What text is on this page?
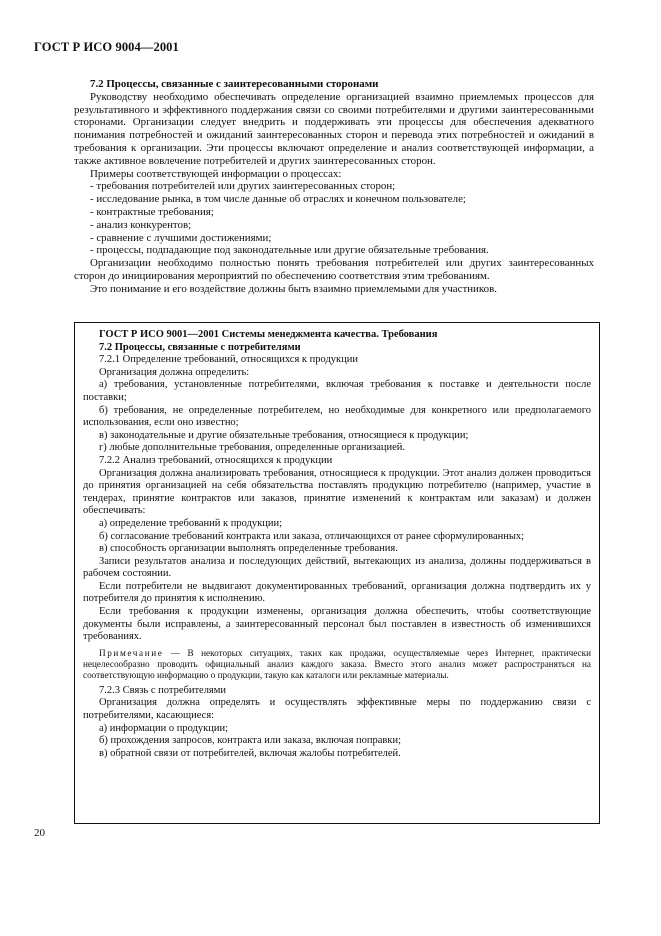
ГОСТ Р ИСО 9004—2001

7.2 Процессы, связанные с заинтересованными сторонами

Руководству необходимо обеспечивать определение организацией взаимно приемлемых процессов для результативного и эффективного поддержания связи со своими потребителями и другими заинтересованными сторонами. Организации следует внедрить и поддерживать эти процессы для обеспечения адекватного понимания потребностей и ожиданий заинтересованных сторон и перевода этих потребностей и ожиданий в требования к организации. Эти процессы включают определение и анализ соответствующей информации, а также активное вовлечение потребителей и других заинтересованных сторон.

Примеры соответствующей информации о процессах:

- требования потребителей или других заинтересованных сторон;

- исследование рынка, в том числе данные об отраслях и конечном пользователе;

- контрактные требования;

- анализ конкурентов;

- сравнение с лучшими достижениями;

- процессы, подпадающие под законодательные или другие обязательные требования.

Организации необходимо полностью понять требования потребителей или других заинтересованных сторон до инициирования мероприятий по обеспечению соответствия этим требованиям.

Это понимание и его воздействие должны быть взаимно приемлемыми для участников.

ГОСТ Р ИСО 9001—2001 Системы менеджмента качества. Требования

7.2 Процессы, связанные с потребителями

7.2.1 Определение требований, относящихся к продукции

Организация должна определить:

а) требования, установленные потребителями, включая требования к поставке и деятельности после поставки;

б) требования, не определенные потребителем, но необходимые для конкретного или предполагаемого использования, если оно известно;

в) законодательные и другие обязательные требования, относящиеся к продукции;

г) любые дополнительные требования, определенные организацией.

7.2.2 Анализ требований, относящихся к продукции

Организация должна анализировать требования, относящиеся к продукции. Этот анализ должен проводиться до принятия организацией на себя обязательства поставлять продукцию потребителю (например, участие в тендерах, принятие контрактов или заказов, принятие изменений к контрактам или заказам) и должен обеспечивать:

а) определение требований к продукции;

б) согласование требований контракта или заказа, отличающихся от ранее сформулированных;

в) способность организации выполнять определенные требования.

Записи результатов анализа и последующих действий, вытекающих из анализа, должны поддерживаться в рабочем состоянии.

Если потребители не выдвигают документированных требований, организация должна подтвердить их у потребителя до принятия к исполнению.

Если требования к продукции изменены, организация должна обеспечить, чтобы соответствующие документы были исправлены, а заинтересованный персонал был поставлен в известность об изменившихся требованиях.

Примечание — В некоторых ситуациях, таких как продажи, осуществляемые через Интернет, практически нецелесообразно проводить официальный анализ каждого заказа. Вместо этого анализ может распространяться на соответствующую информацию о продукции, такую как каталоги или рекламные материалы.

7.2.3 Связь с потребителями

Организация должна определять и осуществлять эффективные меры по поддержанию связи с потребителями, касающиеся:

а) информации о продукции;

б) прохождения запросов, контракта или заказа, включая поправки;

в) обратной связи от потребителей, включая жалобы потребителей.

20
